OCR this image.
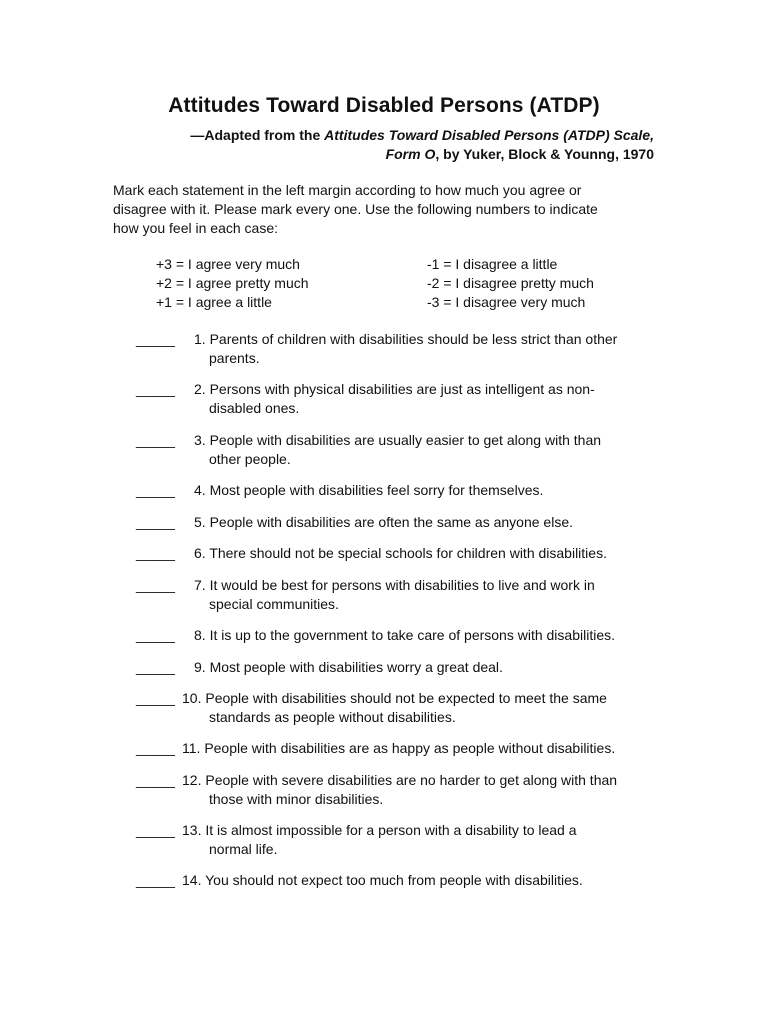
Attitudes Toward Disabled Persons (ATDP)
—Adapted from the Attitudes Toward Disabled Persons (ATDP) Scale,
Form O, by Yuker, Block & Younng, 1970
Mark each statement in the left margin according to how much you agree or
disagree with it. Please mark every one. Use the following numbers to indicate
how you feel in each case:
+3 = I agree very much
+2 = I agree pretty much
+1 = I agree a little
-1 = I disagree a little
-2 = I disagree pretty much
-3 = I disagree very much
_____ 1. Parents of children with disabilities should be less strict than other
parents.
_____ 2. Persons with physical disabilities are just as intelligent as non-
disabled ones.
_____ 3. People with disabilities are usually easier to get along with than
other people.
_____ 4. Most people with disabilities feel sorry for themselves.
_____ 5. People with disabilities are often the same as anyone else.
_____ 6. There should not be special schools for children with disabilities.
_____ 7. It would be best for persons with disabilities to live and work in
special communities.
_____ 8. It is up to the government to take care of persons with disabilities.
_____ 9. Most people with disabilities worry a great deal.
_____ 10. People with disabilities should not be expected to meet the same
standards as people without disabilities.
_____ 11. People with disabilities are as happy as people without disabilities.
_____ 12. People with severe disabilities are no harder to get along with than
those with minor disabilities.
_____ 13. It is almost impossible for a person with a disability to lead a
normal life.
_____ 14. You should not expect too much from people with disabilities.
